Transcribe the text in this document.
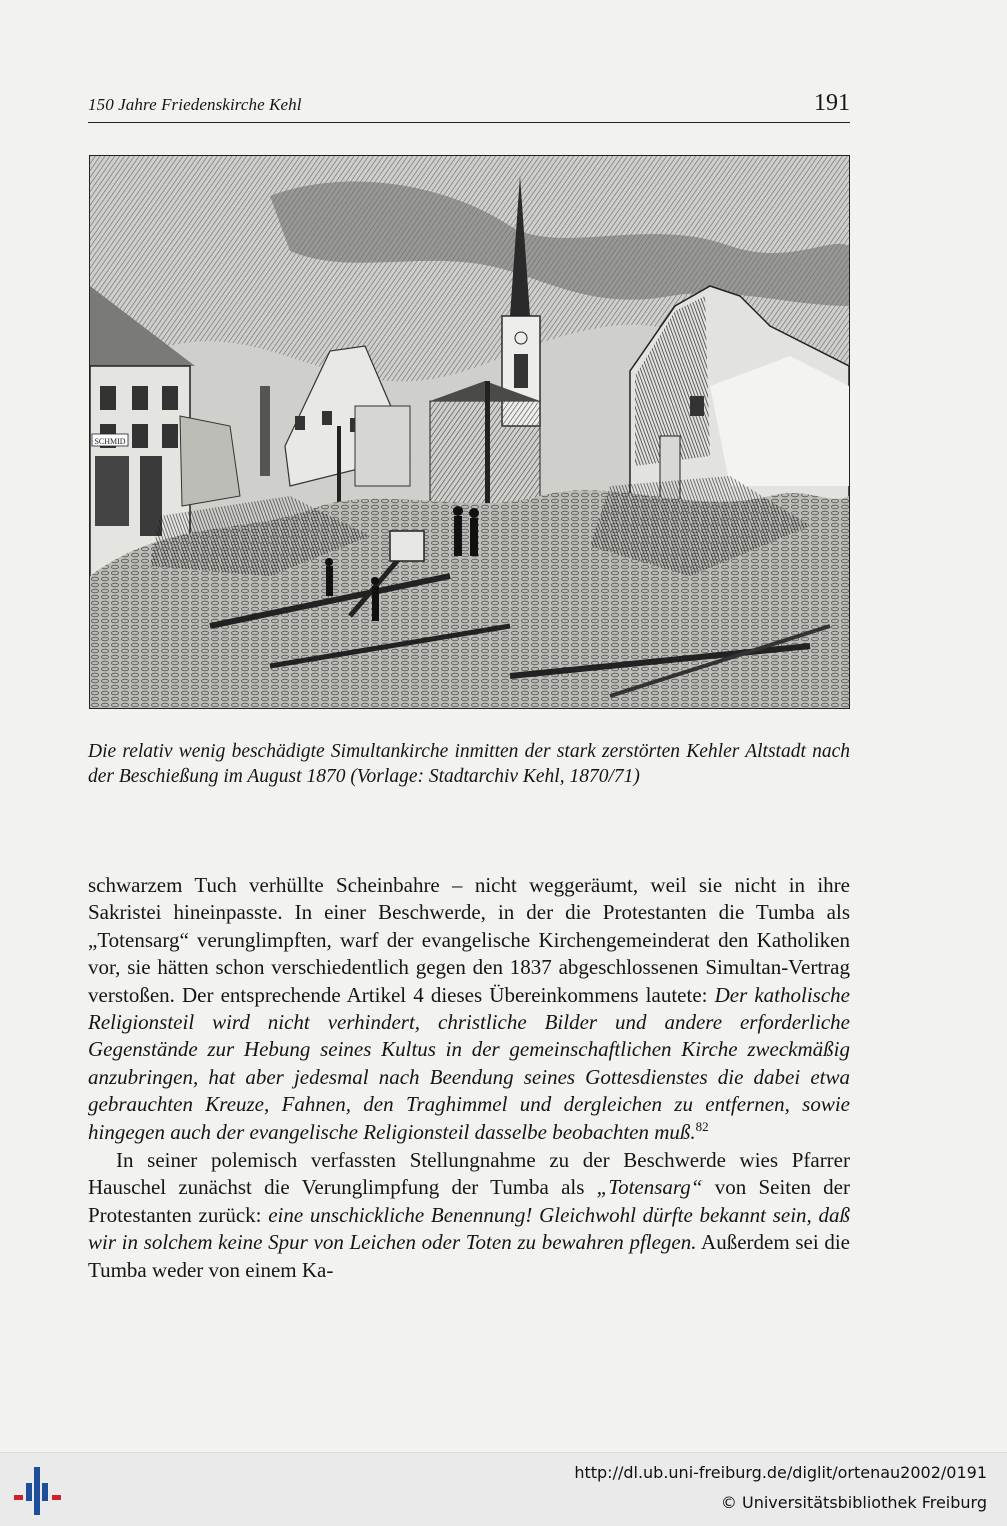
150 Jahre Friedenskirche Kehl	191
SCHMID
Die relativ wenig beschädigte Simultankirche inmitten der stark zerstörten Kehler Altstadt nach der Beschießung im August 1870 (Vorlage: Stadtarchiv Kehl, 1870/71)

schwarzem Tuch verhüllte Scheinbahre – nicht weggeräumt, weil sie nicht in ihre Sakristei hineinpasste. In einer Beschwerde, in der die Protestanten die Tumba als „Totensarg“ verunglimpften, warf der evangelische Kirchengemeinderat den Katholiken vor, sie hätten schon verschiedentlich gegen den 1837 abgeschlossenen Simultan-Vertrag verstoßen. Der entsprechende Artikel 4 dieses Übereinkommens lautete: Der katholische Religionsteil wird nicht verhindert, christliche Bilder und andere erforderliche Gegenstände zur Hebung seines Kultus in der gemeinschaftlichen Kirche zweckmäßig anzubringen, hat aber jedesmal nach Beendung seines Gottesdienstes die dabei etwa gebrauchten Kreuze, Fahnen, den Traghimmel und dergleichen zu entfernen, sowie hingegen auch der evangelische Religionsteil dasselbe beobachten muß.$^{82}$

In seiner polemisch verfassten Stellungnahme zu der Beschwerde wies Pfarrer Hauschel zunächst die Verunglimpfung der Tumba als „Totensarg“ von Seiten der Protestanten zurück: eine unschickliche Benennung! Gleichwohl dürfte bekannt sein, daß wir in solchem keine Spur von Leichen oder Toten zu bewahren pflegen. Außerdem sei die Tumba weder von einem Ka-

http://dl.ub.uni-freiburg.de/diglit/ortenau2002/0191
© Universitätsbibliothek Freiburg
